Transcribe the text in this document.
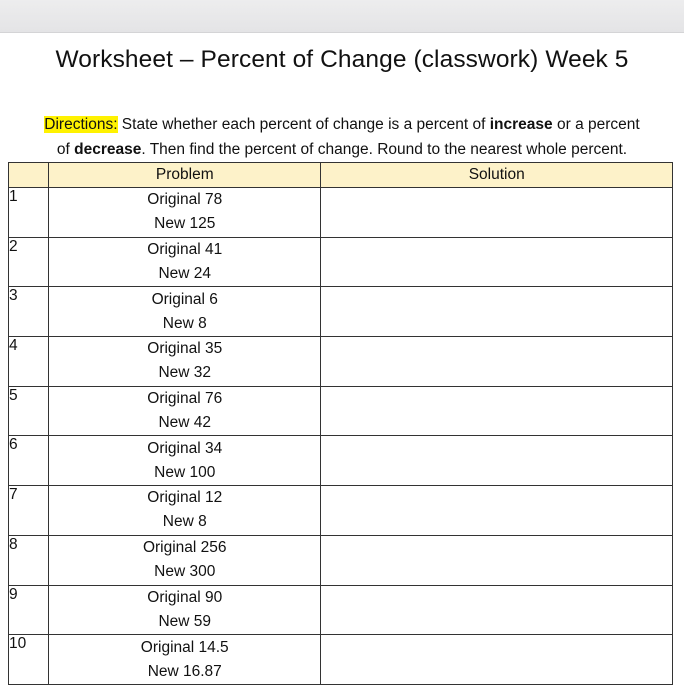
Worksheet – Percent of Change (classwork) Week 5
Directions: State whether each percent of change is a percent of increase or a percent
of decrease. Then find the percent of change. Round to the nearest whole percent.
	Problem	Solution
1	Original 78
New 125	

2	Original 41
New 24	

3	Original 6
New 8	

4	Original 35
New 32	

5	Original 76
New 42	

6	Original 34
New 100	

7	Original 12
New 8	

8	Original 256
New 300	

9	Original 90
New 59	

10	Original 14.5
New 16.87	
